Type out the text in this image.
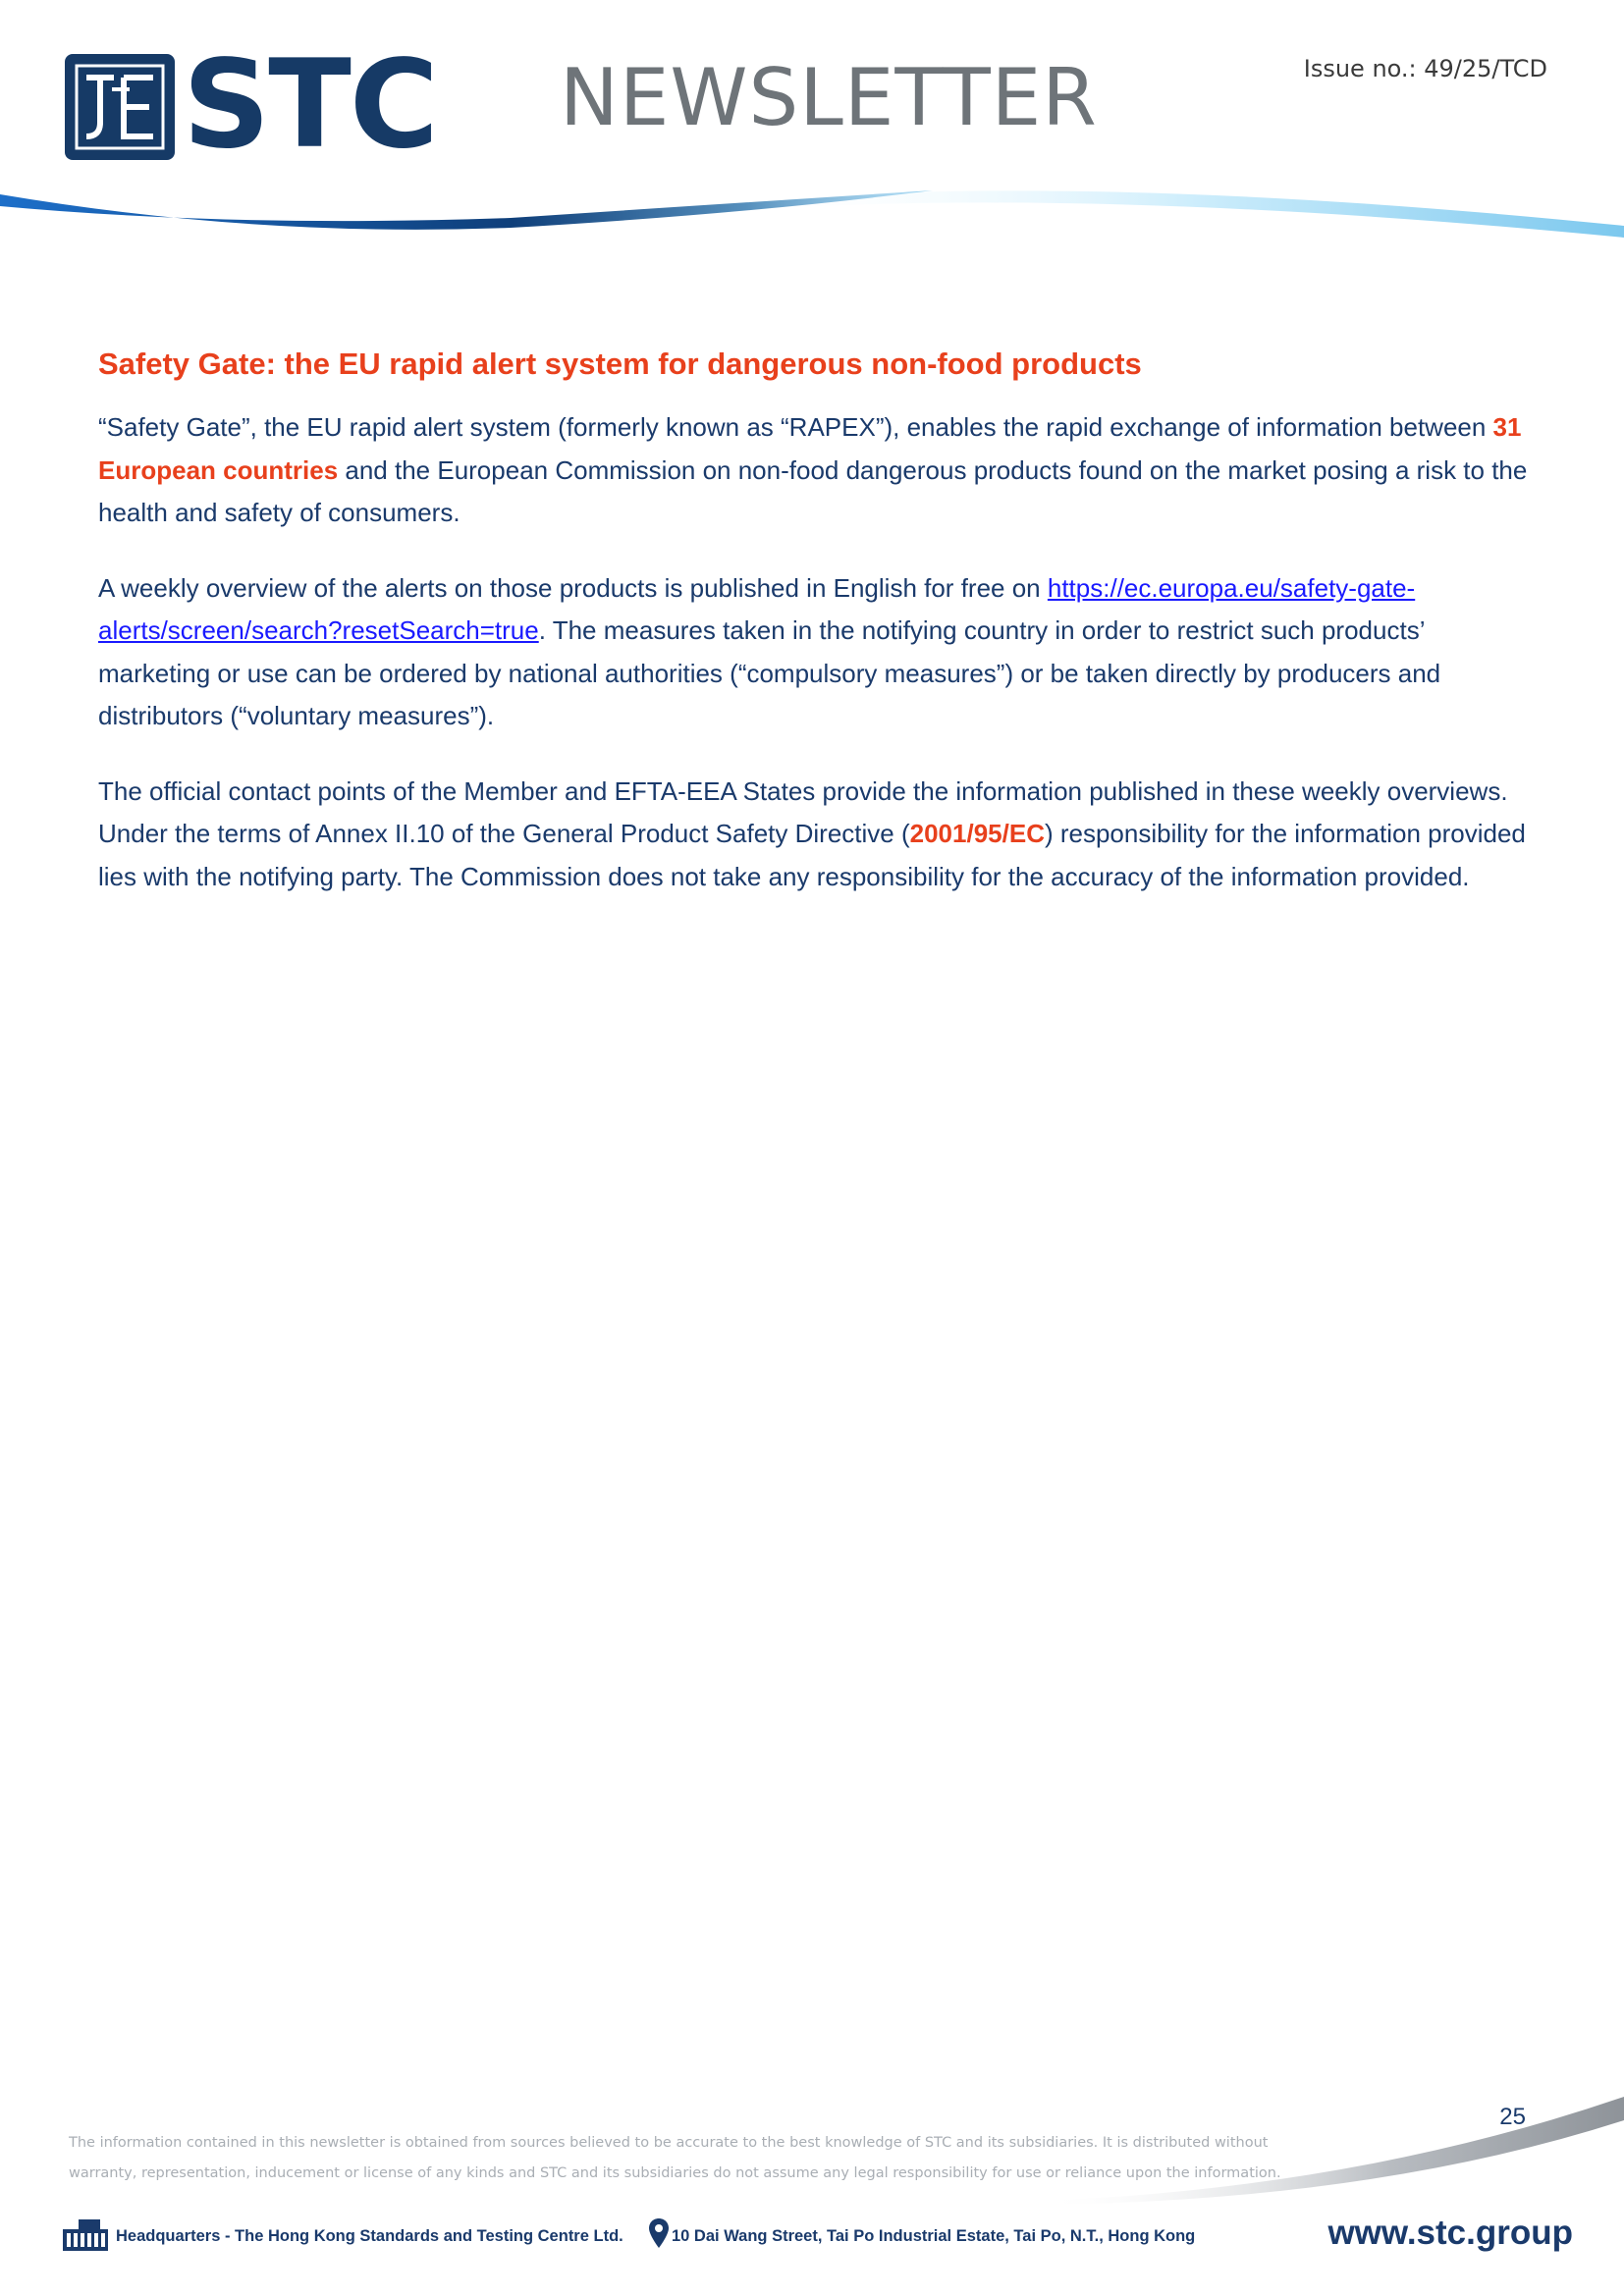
STC NEWSLETTER	Issue no.: 49/25/TCD
Safety Gate: the EU rapid alert system for dangerous non-food products

“Safety Gate”, the EU rapid alert system (formerly known as “RAPEX”), enables the rapid exchange of information between 31 European countries and the European Commission on non-food dangerous products found on the market posing a risk to the health and safety of consumers.

A weekly overview of the alerts on those products is published in English for free on https://ec.europa.eu/safety-gate-alerts/screen/search?resetSearch=true. The measures taken in the notifying country in order to restrict such products’ marketing or use can be ordered by national authorities (“compulsory measures”) or be taken directly by producers and distributors (“voluntary measures”).

The official contact points of the Member and EFTA-EEA States provide the information published in these weekly overviews. Under the terms of Annex II.10 of the General Product Safety Directive (2001/95/EC) responsibility for the information provided lies with the notifying party. The Commission does not take any responsibility for the accuracy of the information provided.

25
The information contained in this newsletter is obtained from sources believed to be accurate to the best knowledge of STC and its subsidiaries. It is distributed without
warranty, representation, inducement or license of any kinds and STC and its subsidiaries do not assume any legal responsibility for use or reliance upon the information.
Headquarters - The Hong Kong Standards and Testing Centre Ltd.	10 Dai Wang Street, Tai Po Industrial Estate, Tai Po, N.T., Hong Kong	www.stc.group
